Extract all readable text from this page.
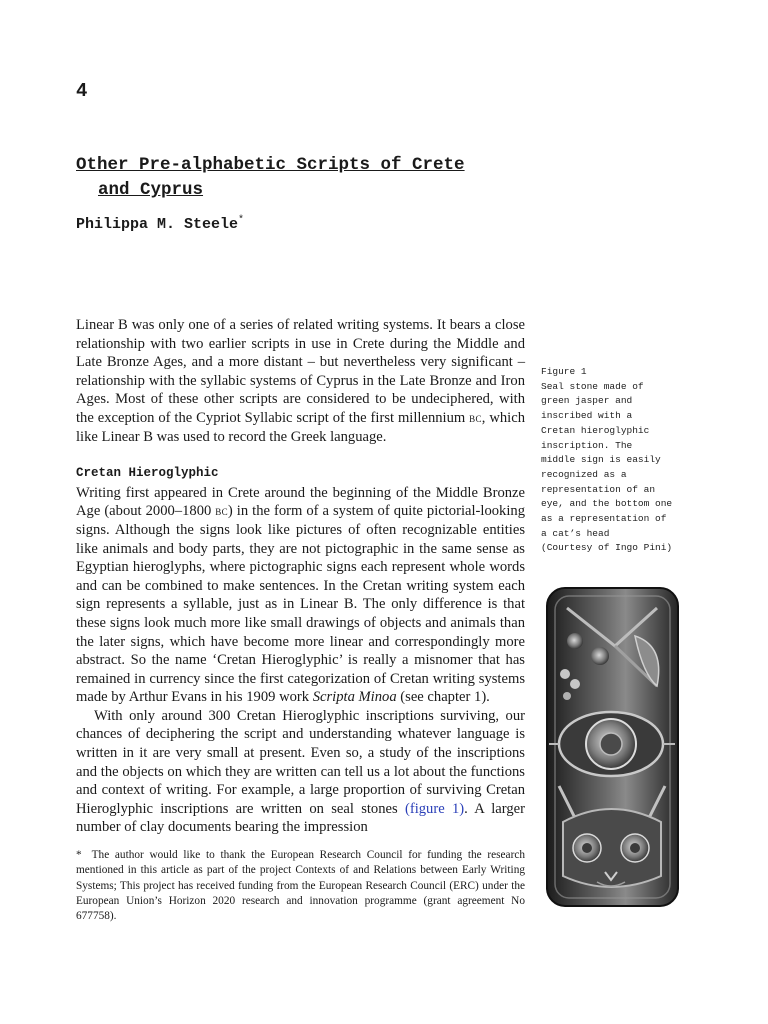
4
Other Pre-alphabetic Scripts of Crete
and Cyprus
Philippa M. Steele*

Linear B was only one of a series of related writing systems. It bears a close relationship with two earlier scripts in use in Crete during the Middle and Late Bronze Ages, and a more distant – but nevertheless very significant – relationship with the syllabic systems of Cyprus in the Late Bronze and Iron Ages. Most of these other scripts are considered to be undeciphered, with the exception of the Cypriot Syllabic script of the first millennium bc, which like Linear B was used to record the Greek language.

Cretan Hieroglyphic

Writing first appeared in Crete around the beginning of the Middle Bronze Age (about 2000–1800 bc) in the form of a system of quite pictorial-looking signs. Although the signs look like pictures of often recognizable entities like animals and body parts, they are not pictographic in the same sense as Egyptian hieroglyphs, where pictographic signs each represent whole words and can be combined to make sentences. In the Cretan writing system each sign represents a syllable, just as in Linear B. The only difference is that these signs look much more like small drawings of objects and animals than the later signs, which have become more linear and correspondingly more abstract. So the name ‘Cretan Hieroglyphic’ is really a misnomer that has remained in currency since the first categorization of Cretan writing systems made by Arthur Evans in his 1909 work Scripta Minoa (see chapter 1).

With only around 300 Cretan Hieroglyphic inscriptions surviving, our chances of deciphering the script and understanding whatever language is written in it are very small at present. Even so, a study of the inscriptions and the objects on which they are written can tell us a lot about the functions and context of writing. For example, a large proportion of surviving Cretan Hieroglyphic inscriptions are written on seal stones (figure 1). A larger number of clay documents bearing the impression

* The author would like to thank the European Research Council for funding the research mentioned in this article as part of the project Contexts of and Relations between Early Writing Systems; This project has received funding from the European Research Council (ERC) under the European Union’s Horizon 2020 research and innovation programme (grant agreement No 677758).
Figure 1
Seal stone made of
green jasper and
inscribed with a
Cretan hieroglyphic
inscription. The
middle sign is easily
recognized as a
representation of an
eye, and the bottom one
as a representation of
a cat’s head
(Courtesy of Ingo Pini)
